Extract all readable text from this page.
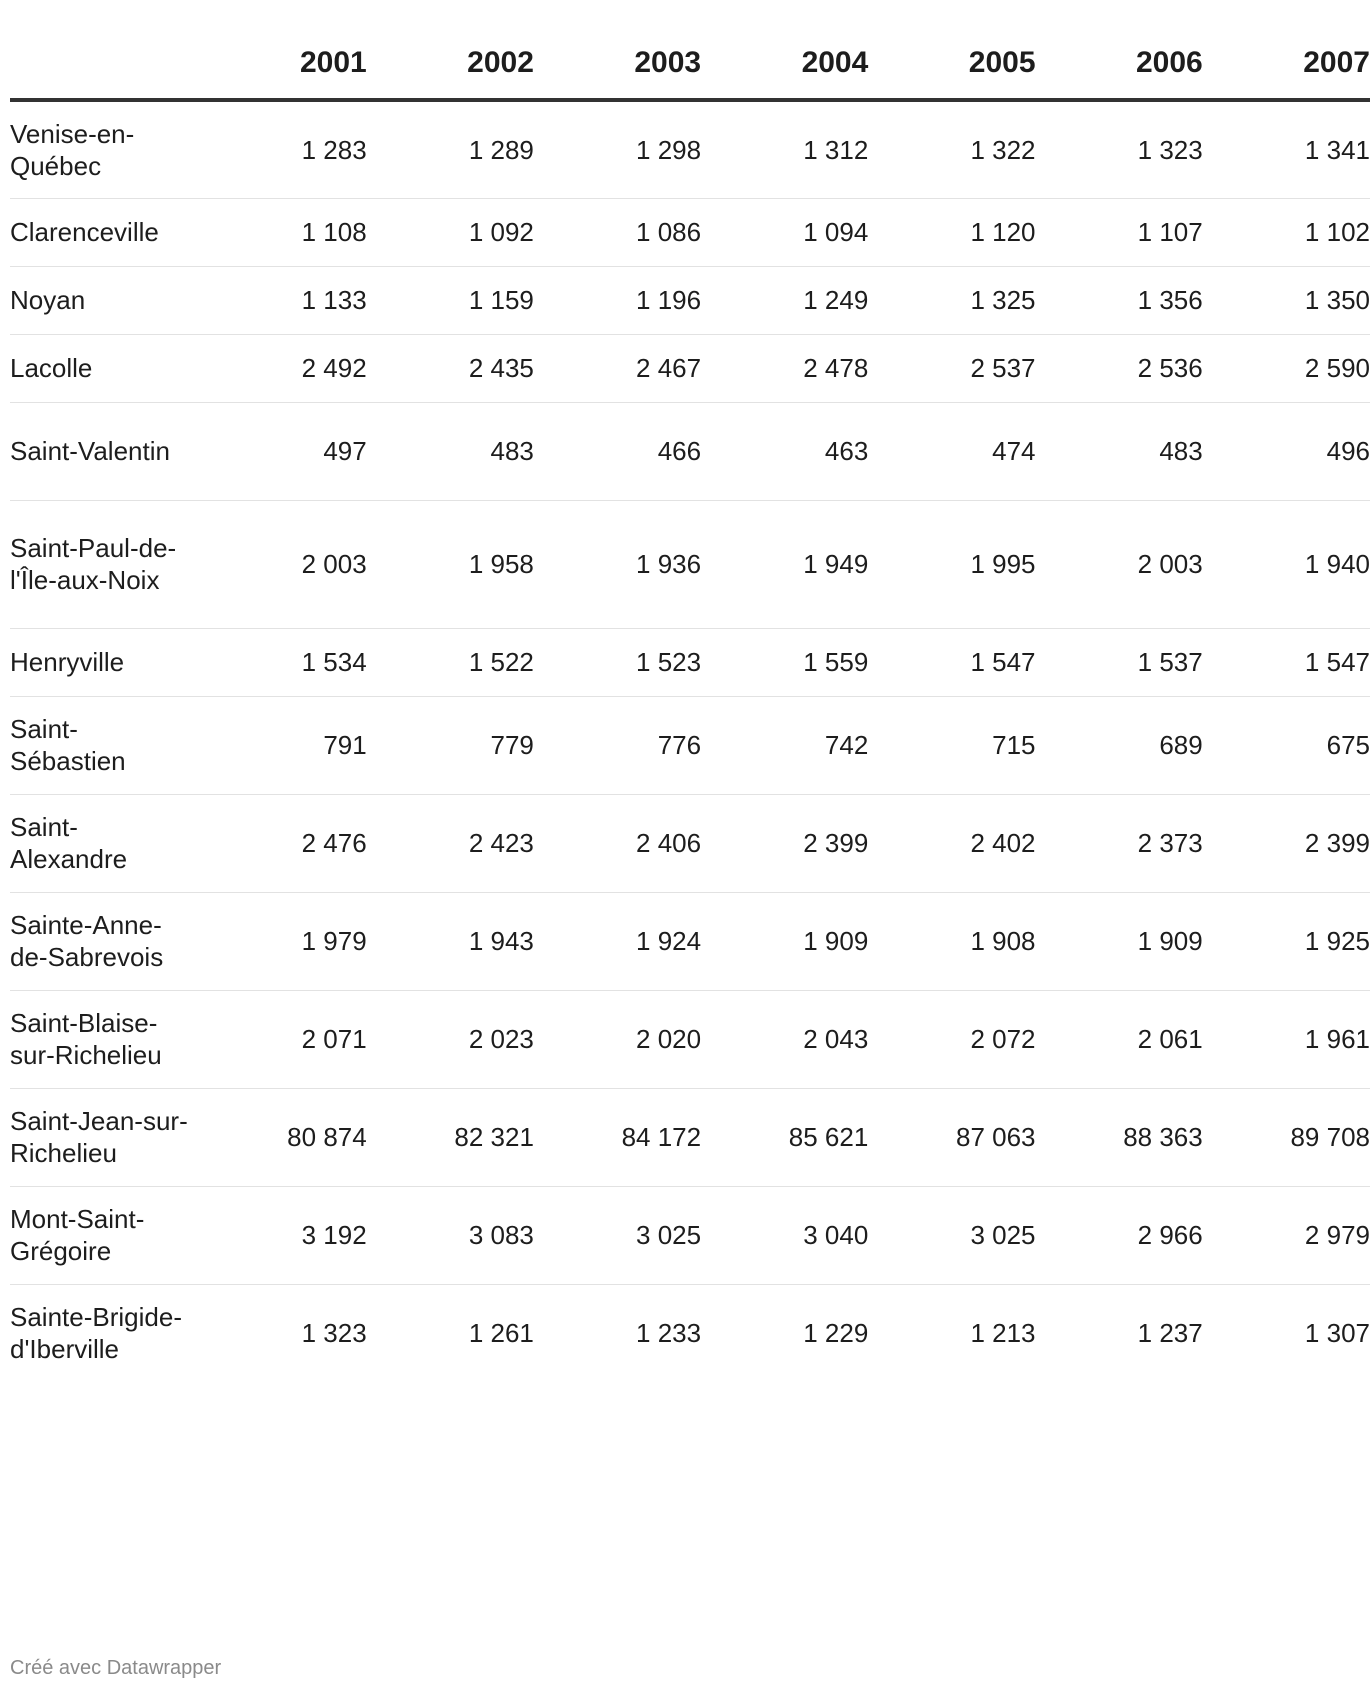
	2001	2002	2003	2004	2005	2006	2007
Venise-en-Québec	1 283	1 289	1 298	1 312	1 322	1 323	1 341
Clarenceville	1 108	1 092	1 086	1 094	1 120	1 107	1 102
Noyan	1 133	1 159	1 196	1 249	1 325	1 356	1 350
Lacolle	2 492	2 435	2 467	2 478	2 537	2 536	2 590
Saint-Valentin	497	483	466	463	474	483	496
Saint-Paul-de-l'Île-aux-Noix	2 003	1 958	1 936	1 949	1 995	2 003	1 940
Henryville	1 534	1 522	1 523	1 559	1 547	1 537	1 547
Saint-Sébastien	791	779	776	742	715	689	675
Saint-Alexandre	2 476	2 423	2 406	2 399	2 402	2 373	2 399
Sainte-Anne-de-Sabrevois	1 979	1 943	1 924	1 909	1 908	1 909	1 925
Saint-Blaise-sur-Richelieu	2 071	2 023	2 020	2 043	2 072	2 061	1 961
Saint-Jean-sur-Richelieu	80 874	82 321	84 172	85 621	87 063	88 363	89 708
Mont-Saint-Grégoire	3 192	3 083	3 025	3 040	3 025	2 966	2 979
Sainte-Brigide-d'Iberville	1 323	1 261	1 233	1 229	1 213	1 237	1 307
Créé avec Datawrapper
